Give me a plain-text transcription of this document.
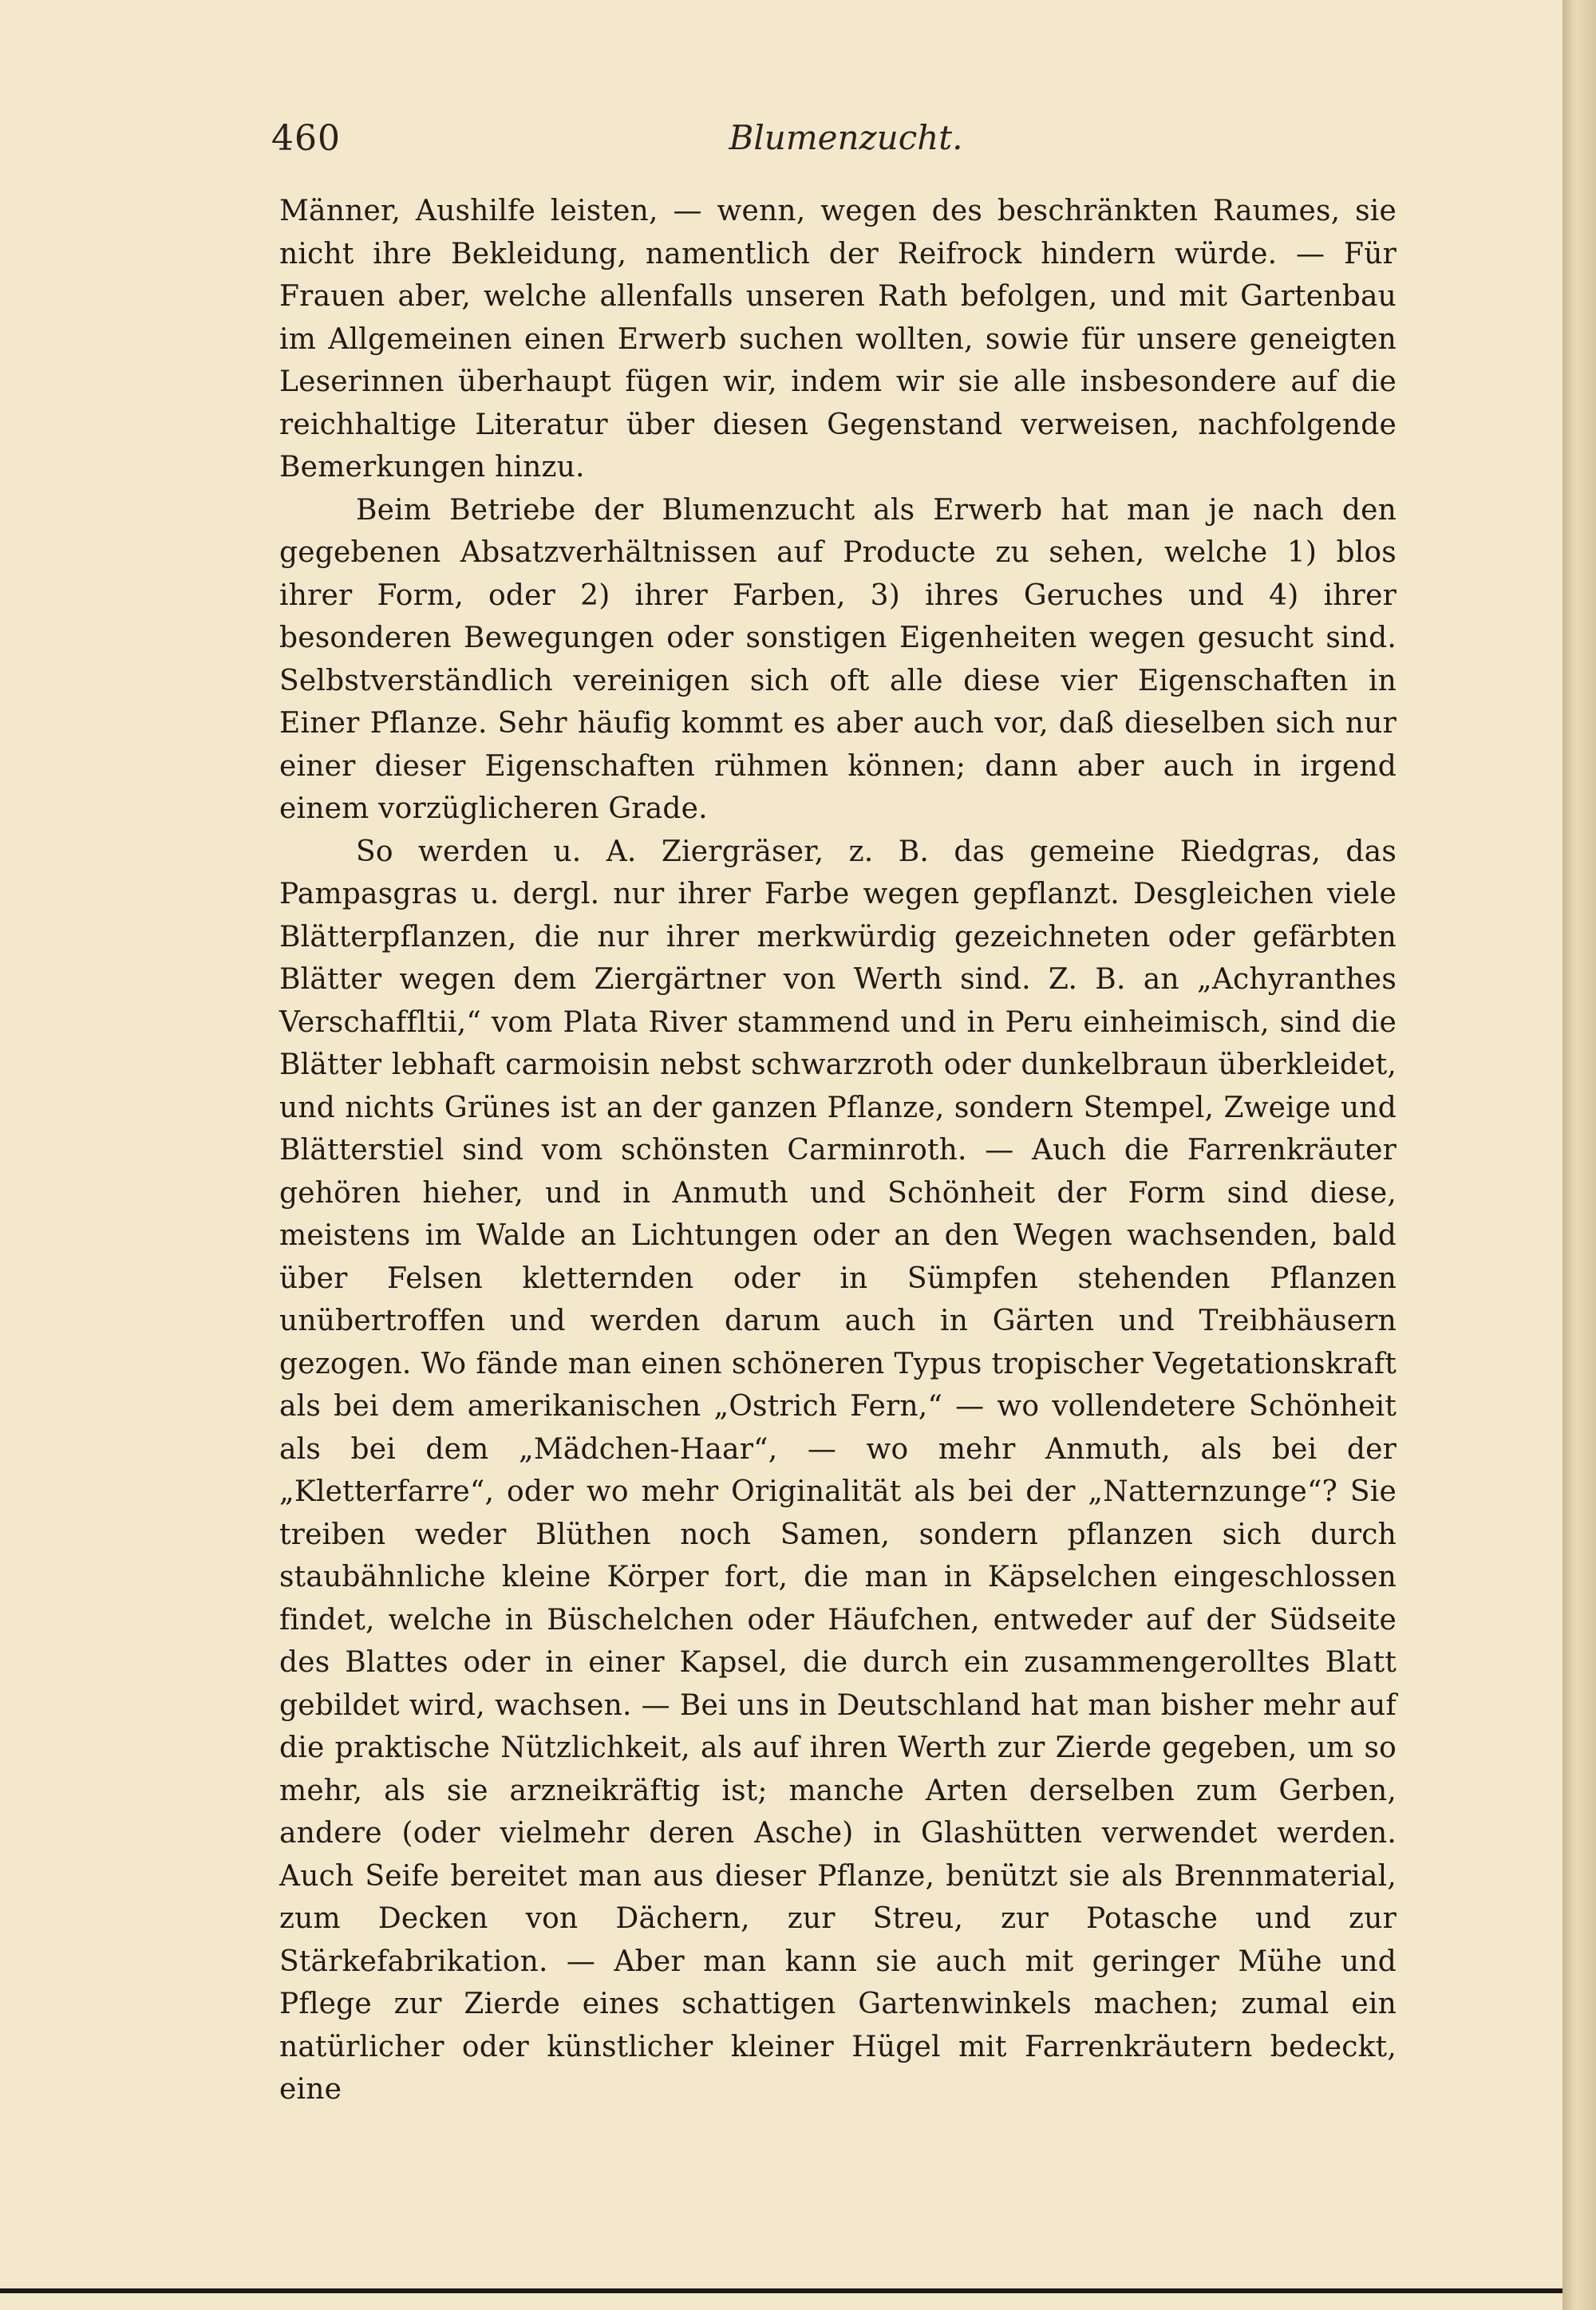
460	Blumenzucht.

Männer, Aushilfe leisten, — wenn, wegen des beschränkten Raumes, sie nicht ihre Bekleidung, namentlich der Reifrock hindern würde. — Für Frauen aber, welche allenfalls unseren Rath befolgen, und mit Gartenbau im Allgemeinen einen Erwerb suchen wollten, sowie für unsere geneigten Leserinnen überhaupt fügen wir, indem wir sie alle insbesondere auf die reichhaltige Literatur über diesen Gegenstand verweisen, nachfolgende Bemerkungen hinzu.

Beim Betriebe der Blumenzucht als Erwerb hat man je nach den gegebenen Absatzverhältnissen auf Producte zu sehen, welche 1) blos ihrer Form, oder 2) ihrer Farben, 3) ihres Geruches und 4) ihrer besonderen Bewegungen oder sonstigen Eigenheiten wegen gesucht sind. Selbstverständlich vereinigen sich oft alle diese vier Eigenschaften in Einer Pflanze. Sehr häufig kommt es aber auch vor, daß dieselben sich nur einer dieser Eigenschaften rühmen können; dann aber auch in irgend einem vorzüglicheren Grade.

So werden u. A. Ziergräser, z. B. das gemeine Riedgras, das Pampasgras u. dergl. nur ihrer Farbe wegen gepflanzt. Desgleichen viele Blätterpflanzen, die nur ihrer merkwürdig gezeichneten oder gefärbten Blätter wegen dem Ziergärtner von Werth sind. Z. B. an „Achyranthes Verschaffltii,“ vom Plata River stammend und in Peru einheimisch, sind die Blätter lebhaft carmoisin nebst schwarzroth oder dunkelbraun überkleidet, und nichts Grünes ist an der ganzen Pflanze, sondern Stempel, Zweige und Blätterstiel sind vom schönsten Carminroth. — Auch die Farrenkräuter gehören hieher, und in Anmuth und Schönheit der Form sind diese, meistens im Walde an Lichtungen oder an den Wegen wachsenden, bald über Felsen kletternden oder in Sümpfen stehenden Pflanzen unübertroffen und werden darum auch in Gärten und Treibhäusern gezogen. Wo fände man einen schöneren Typus tropischer Vegetationskraft als bei dem amerikanischen „Ostrich Fern,“ — wo vollendetere Schönheit als bei dem „Mädchen-Haar“, — wo mehr Anmuth, als bei der „Kletterfarre“, oder wo mehr Originalität als bei der „Natternzunge“? Sie treiben weder Blüthen noch Samen, sondern pflanzen sich durch staubähnliche kleine Körper fort, die man in Käpselchen eingeschlossen findet, welche in Büschelchen oder Häufchen, entweder auf der Südseite des Blattes oder in einer Kapsel, die durch ein zusammengerolltes Blatt gebildet wird, wachsen. — Bei uns in Deutschland hat man bisher mehr auf die praktische Nützlichkeit, als auf ihren Werth zur Zierde gegeben, um so mehr, als sie arzneikräftig ist; manche Arten derselben zum Gerben, andere (oder vielmehr deren Asche) in Glashütten verwendet werden. Auch Seife bereitet man aus dieser Pflanze, benützt sie als Brennmaterial, zum Decken von Dächern, zur Streu, zur Potasche und zur Stärkefabrikation. — Aber man kann sie auch mit geringer Mühe und Pflege zur Zierde eines schattigen Gartenwinkels machen; zumal ein natürlicher oder künstlicher kleiner Hügel mit Farrenkräutern bedeckt, eine
